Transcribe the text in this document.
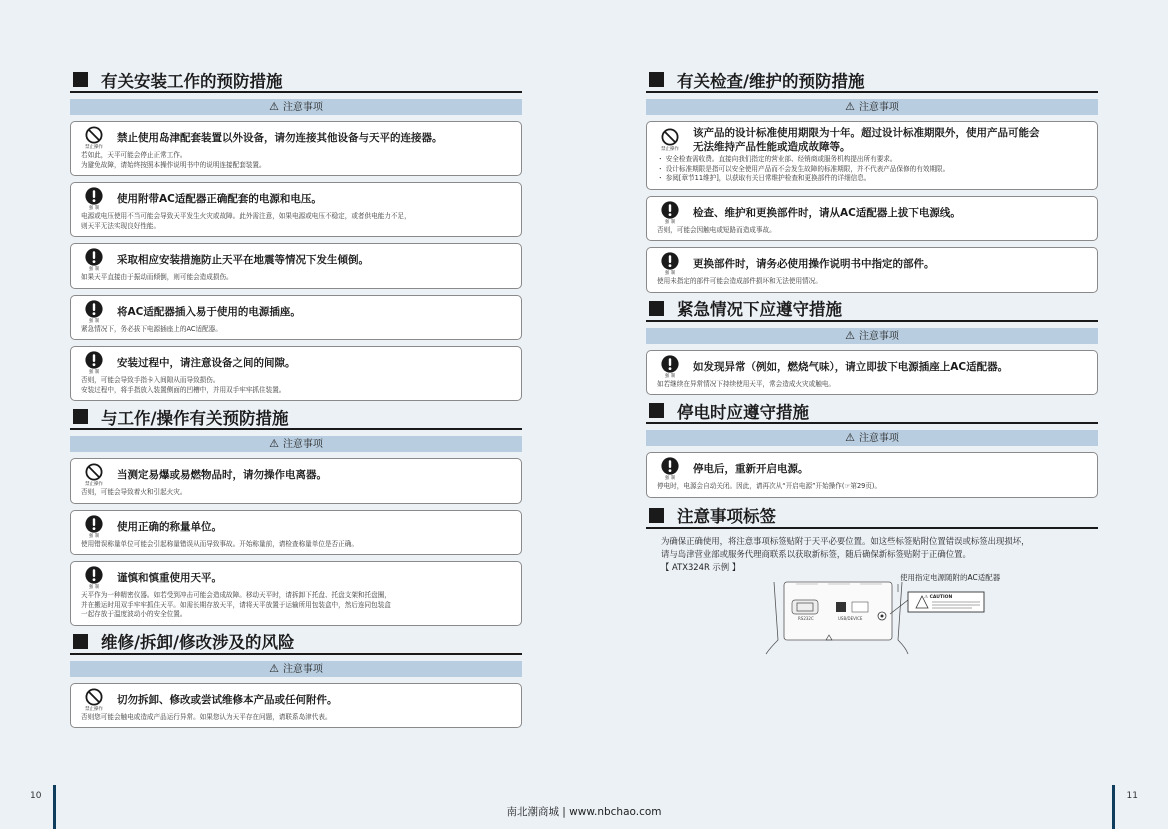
有关安装工作的预防措施
⚠ 注意事项
禁止操作
禁止使用岛津配套装置以外设备，请勿连接其他设备与天平的连接器。
若如此，天平可能会停止正常工作。
为避免故障，请始终按照本操作说明书中的说明连接配套装置。
强 制
使用附带AC适配器正确配套的电源和电压。
电源或电压使用不当可能会导致天平发生火灾或故障。此外需注意，如果电源或电压不稳定，或者供电能力不足，
则天平无法实现良好性能。
强 制
采取相应安装措施防止天平在地震等情况下发生倾倒。
如果天平直接由于振动而倾倒，则可能会造成损伤。
强 制
将AC适配器插入易于使用的电源插座。
紧急情况下，务必拔下电源插座上的AC适配器。
强 制
安装过程中，请注意设备之间的间隙。
否则，可能会导致手指卡入间隙从而导致损伤。
安装过程中，将手指放入装置侧面的凹槽中，并用双手牢牢抓住装置。
与工作/操作有关预防措施
⚠ 注意事项
禁止操作
当测定易爆或易燃物品时，请勿操作电离器。
否则，可能会导致着火和引起火灾。
强 制
使用正确的称量单位。
使用错误称量单位可能会引起称量错误从而导致事故。开始称量前，请检查称量单位是否正确。
强 制
谨慎和慎重使用天平。
天平作为一种精密仪器。如若受到冲击可能会造成故障。移动天平时，请拆卸下托盘、托盘支架和托盘圈，
并在搬运时用双手牢牢抓住天平。如需长期存放天平，请将天平放置于运输所用包装盒中，然后连同包装盒
一起存放于温度波动小的安全位置。
维修/拆卸/修改涉及的风险
⚠ 注意事项
禁止操作
切勿拆卸、修改或尝试维修本产品或任何附件。
否则您可能会触电或造成产品运行异常。如果您认为天平存在问题，请联系岛津代表。
有关检查/维护的预防措施
⚠ 注意事项
禁止操作
该产品的设计标准使用期限为十年。超过设计标准期限外，使用产品可能会
无法维持产品性能或造成故障等。
・ 安全检查需收费。直接向我们指定的营业部、经销商或服务机构提出所有要求。
・ 设计标准期限是指可以安全使用产品而不会发生故障的标准期限，并不代表产品保修的有效期限。
・ 参阅[章节11维护]，以获取有关日常维护检查和更换部件的详细信息。
强 制
检查、维护和更换部件时，请从AC适配器上拔下电源线。
否则，可能会因触电或短路而造成事故。
强 制
更换部件时，请务必使用操作说明书中指定的部件。
使用未指定的部件可能会造成部件损坏和无法使用情况。
紧急情况下应遵守措施
⚠ 注意事项
强 制
如发现异常（例如，燃烧气味），请立即拔下电源插座上AC适配器。
如若继续在异常情况下持续使用天平，常会造成火灾或触电。
停电时应遵守措施
⚠ 注意事项
强 制
停电后，重新开启电源。
停电时，电源会自动关闭。因此，请再次从“开启电源”开始操作(☞第29页)。
注意事项标签
为确保正确使用，将注意事项标签贴附于天平必要位置。如这些标签贴附位置错误或标签出现损坏，
请与岛津营业部或服务代理商联系以获取新标签，随后确保新标签贴附于正确位置。
【 ATX324R 示例 】
RS232C	USB/DEVICE
⚠ CAUTION
使用指定电源随附的AC适配器
10	11
南北潮商城 | www.nbchao.com
